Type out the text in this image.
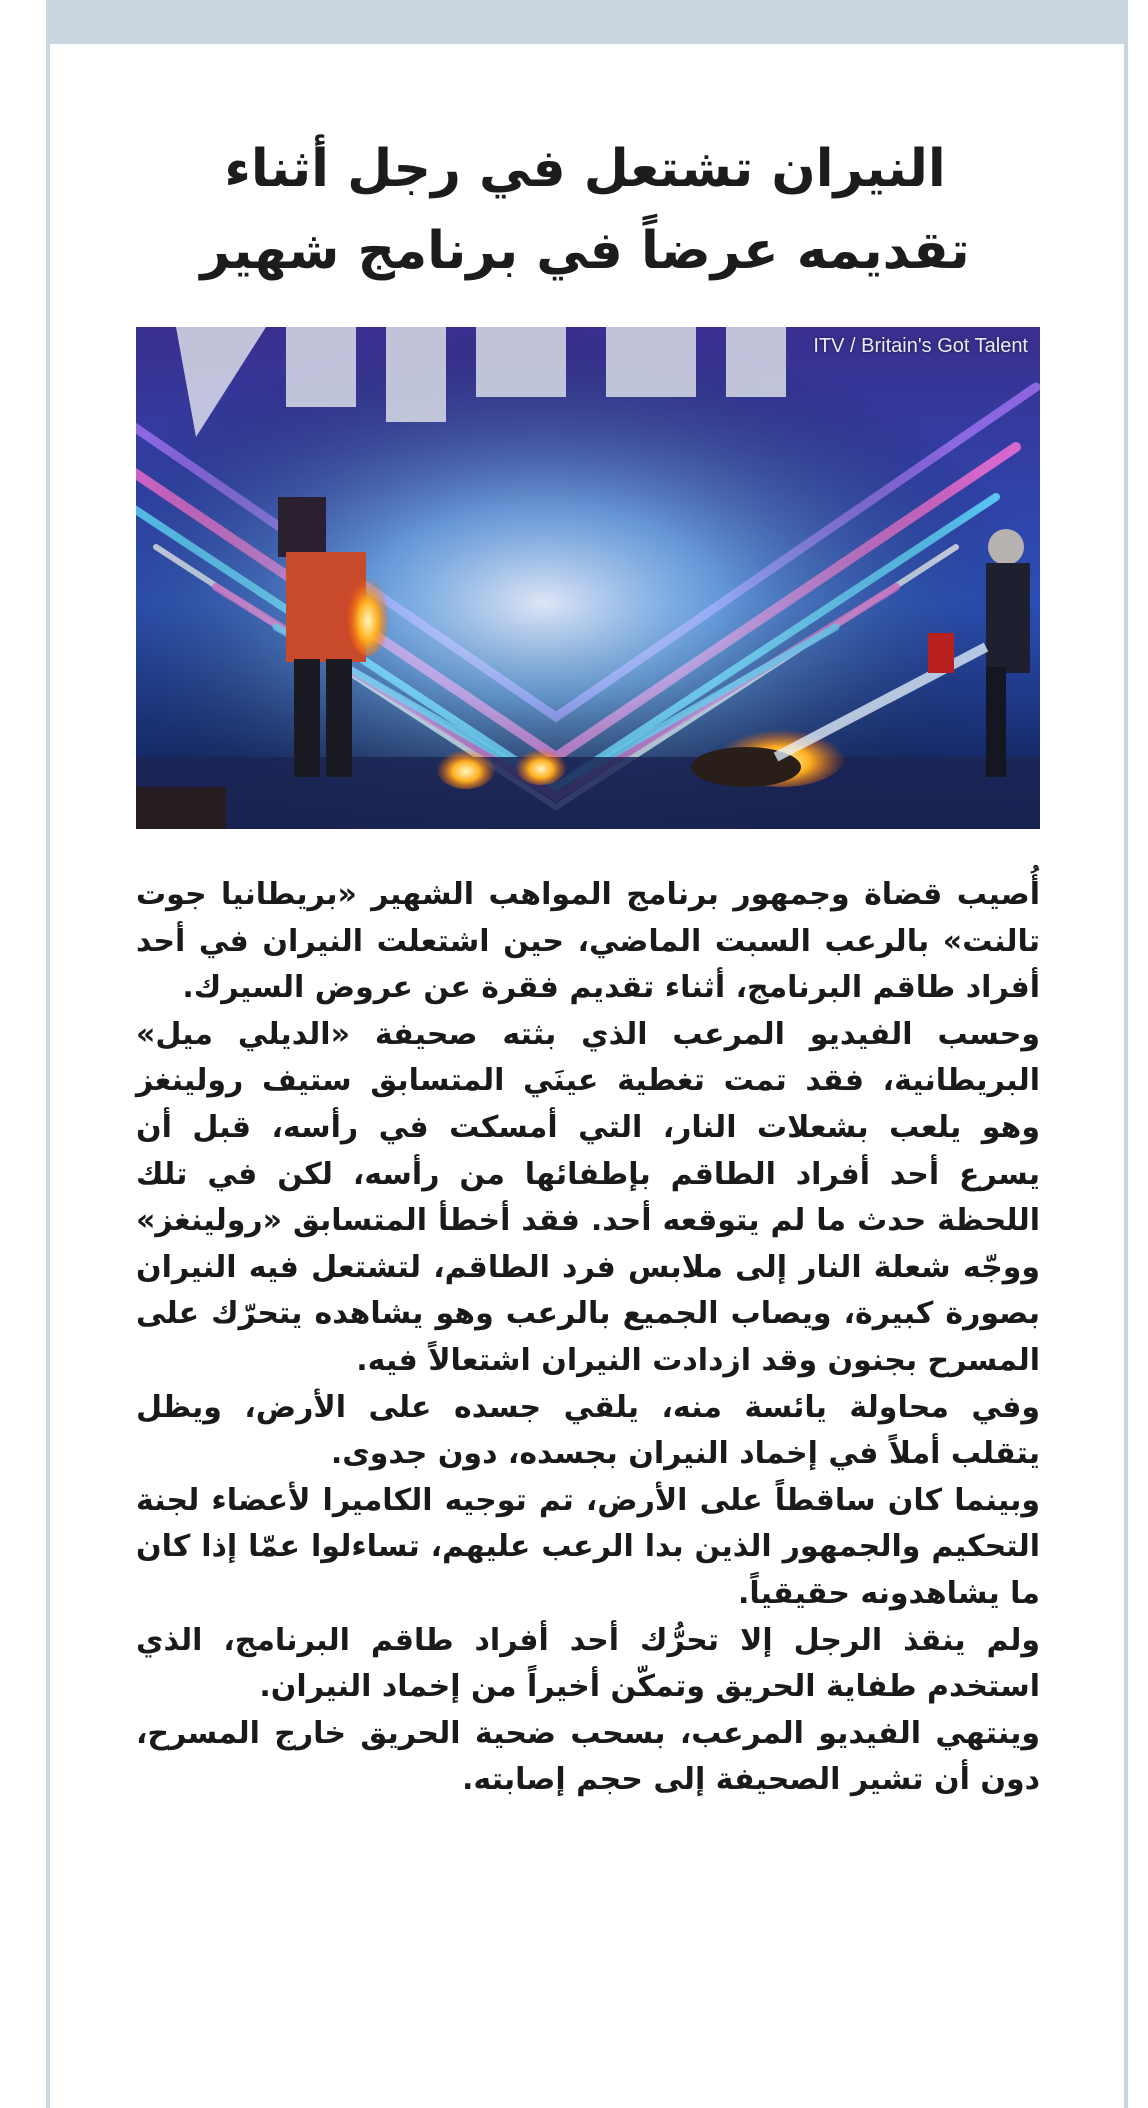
النيران تشتعل في رجل أثناء تقديمه عرضاً في برنامج شهير
ITV / Britain's Got Talent

أُصيب قضاة وجمهور برنامج المواهب الشهير «بريطانيا جوت تالنت» بالرعب السبت الماضي، حين اشتعلت النيران في أحد أفراد طاقم البرنامج، أثناء تقديم فقرة عن عروض السيرك.

وحسب الفيديو المرعب الذي بثته صحيفة «الديلي ميل» البريطانية، فقد تمت تغطية عينَي المتسابق ستيف رولينغز وهو يلعب بشعلات النار، التي أمسكت في رأسه، قبل أن يسرع أحد أفراد الطاقم بإطفائها من رأسه، لكن في تلك اللحظة حدث ما لم يتوقعه أحد. فقد أخطأ المتسابق «رولينغز» ووجّه شعلة النار إلى ملابس فرد الطاقم، لتشتعل فيه النيران بصورة كبيرة، ويصاب الجميع بالرعب وهو يشاهده يتحرّك على المسرح بجنون وقد ازدادت النيران اشتعالاً فيه.

وفي محاولة يائسة منه، يلقي جسده على الأرض، ويظل يتقلب أملاً في إخماد النيران بجسده، دون جدوى.

وبينما كان ساقطاً على الأرض، تم توجيه الكاميرا لأعضاء لجنة التحكيم والجمهور الذين بدا الرعب عليهم، تساءلوا عمّا إذا كان ما يشاهدونه حقيقياً.

ولم ينقذ الرجل إلا تحرُّك أحد أفراد طاقم البرنامج، الذي استخدم طفاية الحريق وتمكّن أخيراً من إخماد النيران.

وينتهي الفيديو المرعب، بسحب ضحية الحريق خارج المسرح، دون أن تشير الصحيفة إلى حجم إصابته.
